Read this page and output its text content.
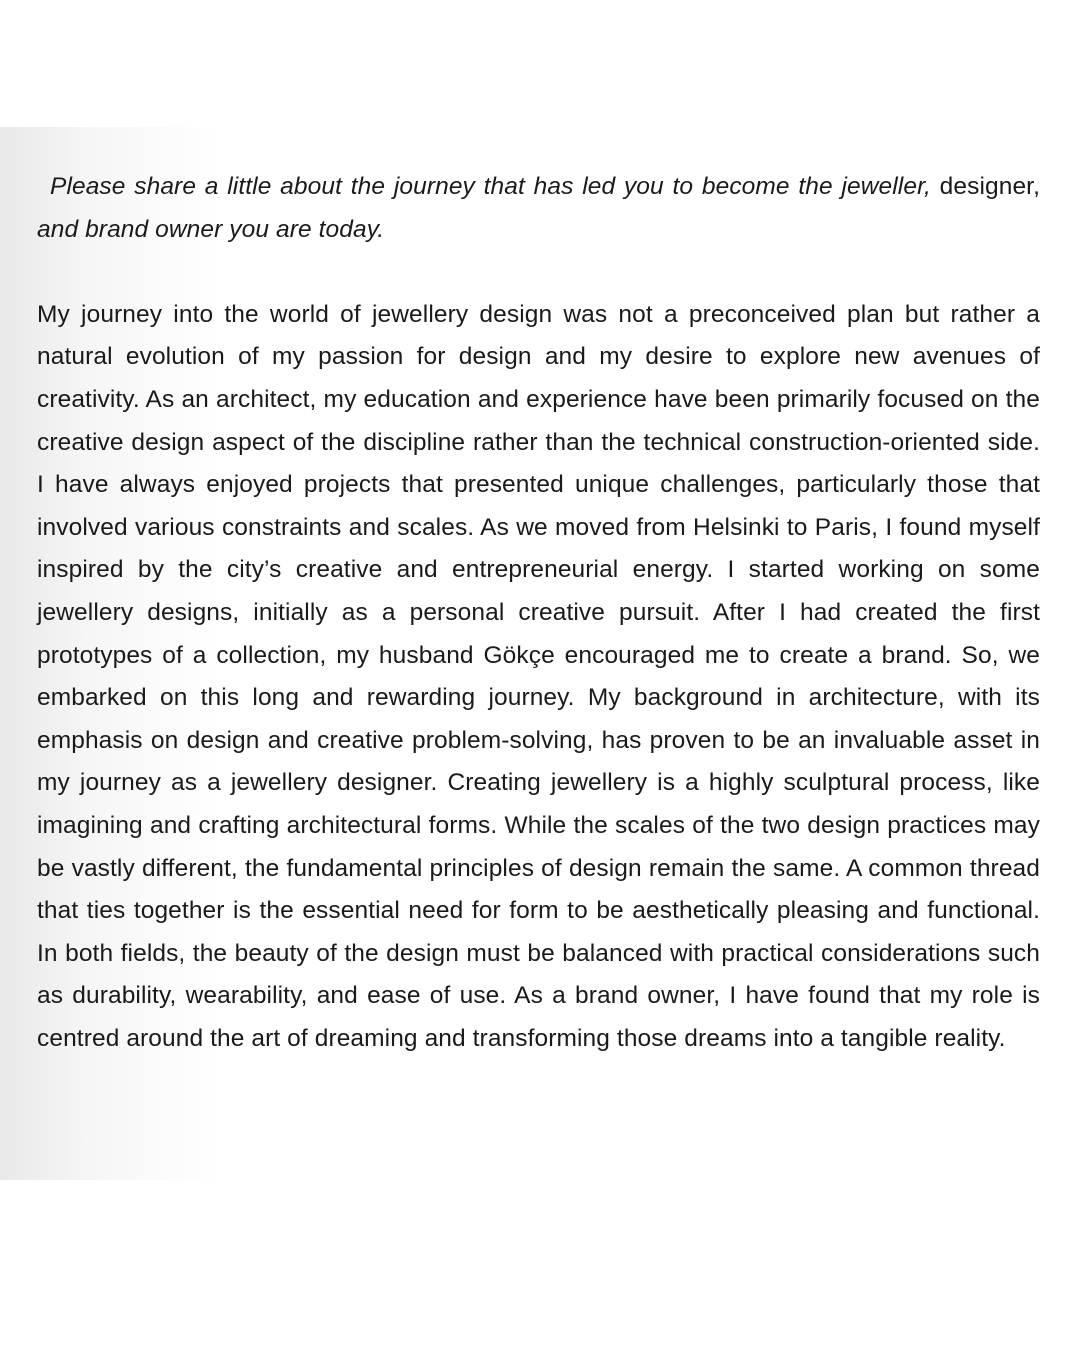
Please share a little about the journey that has led you to become the jeweller, designer, and brand owner you are today.

My journey into the world of jewellery design was not a preconceived plan but rather a natural evolution of my passion for design and my desire to explore new avenues of creativity. As an architect, my education and experience have been primarily focused on the creative design aspect of the discipline rather than the technical construction-oriented side. I have always enjoyed projects that presented unique challenges, particularly those that involved various constraints and scales. As we moved from Helsinki to Paris, I found myself inspired by the city’s creative and entrepreneurial energy. I started working on some jewellery designs, initially as a personal creative pursuit. After I had created the first prototypes of a collection, my husband Gökçe encouraged me to create a brand. So, we embarked on this long and rewarding journey. My background in architecture, with its emphasis on design and creative problem-solving, has proven to be an invaluable asset in my journey as a jewellery designer. Creating jewellery is a highly sculptural process, like imagining and crafting architectural forms. While the scales of the two design practices may be vastly different, the fundamental principles of design remain the same. A common thread that ties together is the essential need for form to be aesthetically pleasing and functional. In both fields, the beauty of the design must be balanced with practical considerations such as durability, wearability, and ease of use. As a brand owner, I have found that my role is centred around the art of dreaming and transforming those dreams into a tangible reality.
